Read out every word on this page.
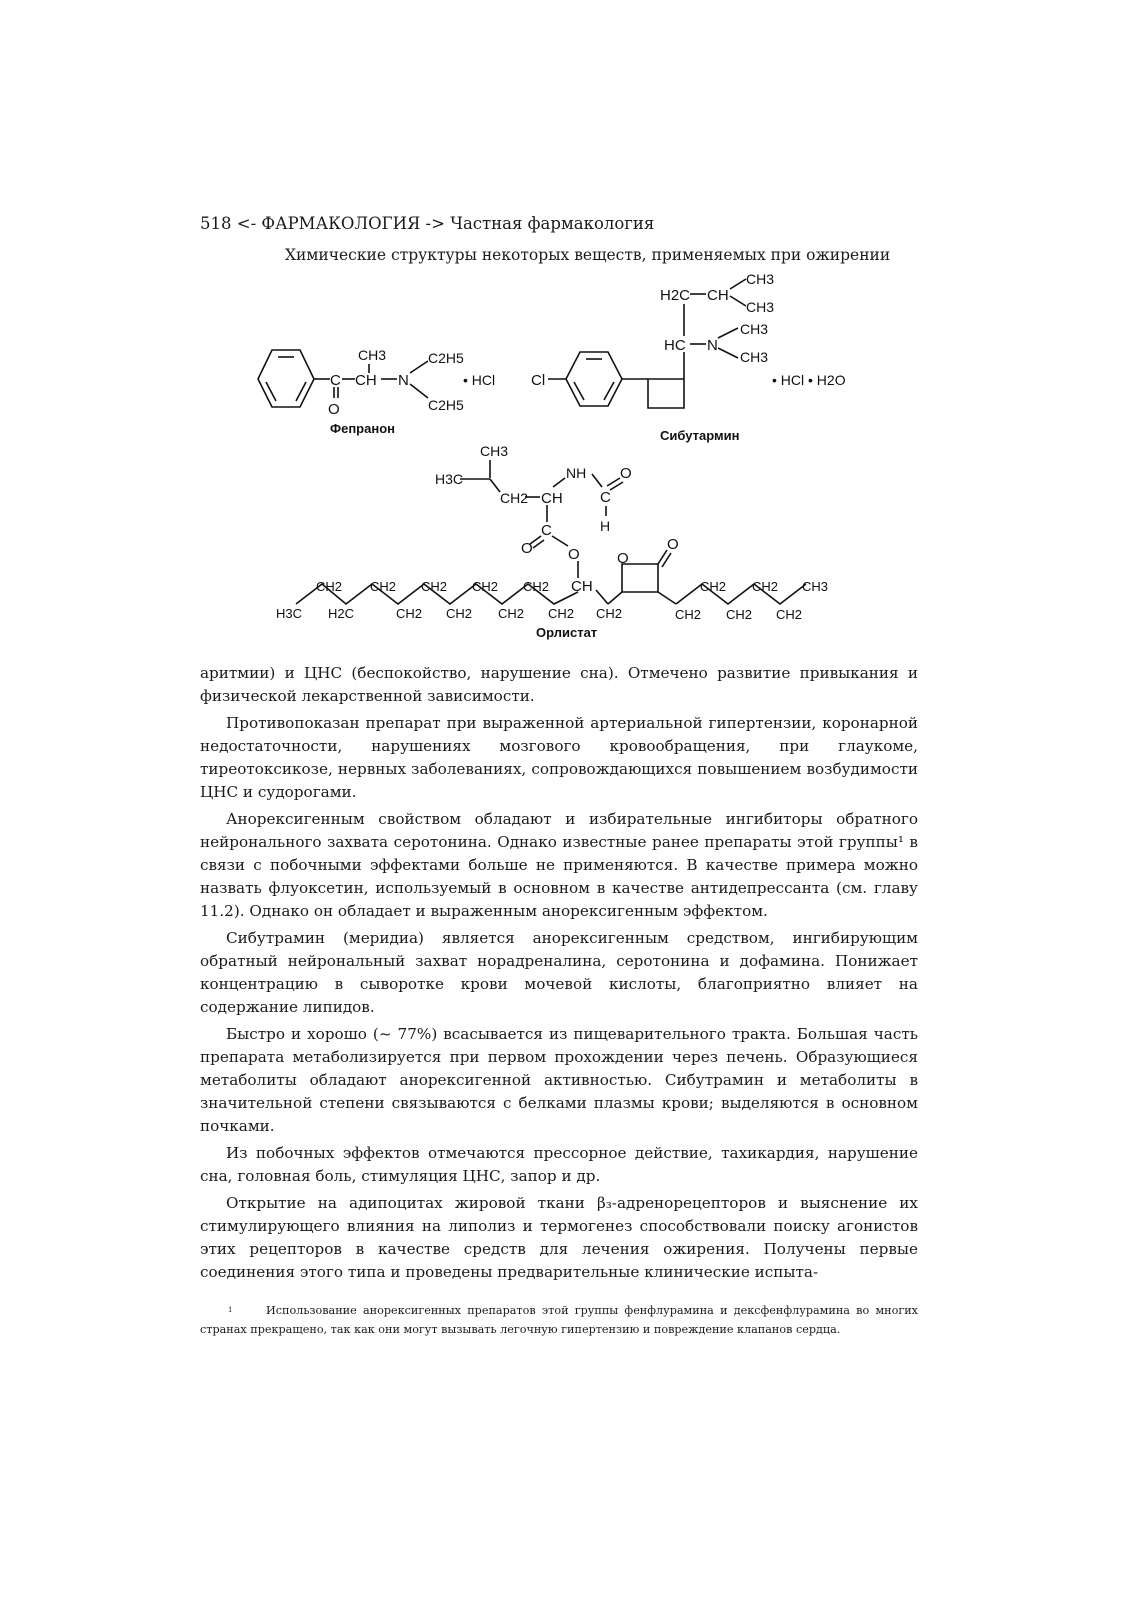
518 <- ФАРМАКОЛОГИЯ -> Частная фармакология
Химические структуры некоторых веществ, применяемых при ожирении
C
O
CH
CH3
N
C2H5
C2H5
• HCl
Фепранон
Cl
HC N
CH3
CH3
H2C CH
CH3
CH3
• HCl • H2O
Сибутармин
CH3
H3C
CH2 CH
NH
C
O
H
C
O O
CH
O
O
CH2
CH2
CH2
CH2 CH2
CH3
H3C
CH2
H2C
CH2
CH2
CH2
CH2
CH2
CH2
CH2
CH2 CH2
Орлистат

аритмии) и ЦНС (беспокойство, нарушение сна). Отмечено развитие привыкания и физической лекарственной зависимости.

Противопоказан препарат при выраженной артериальной гипертензии, коронарной недостаточности, нарушениях мозгового кровообращения, при глаукоме, тиреотоксикозе, нервных заболеваниях, сопровождающихся повышением возбудимости ЦНС и судорогами.

Анорексигенным свойством обладают и избирательные ингибиторы обратного нейронального захвата серотонина. Однако известные ранее препараты этой группы¹ в связи с побочными эффектами больше не применяются. В качестве примера можно назвать флуоксетин, используемый в основном в качестве антидепрессанта (см. главу 11.2). Однако он обладает и выраженным анорексигенным эффектом.

Сибутрамин (меридиа) является анорексигенным средством, ингибирующим обратный нейрональный захват норадреналина, серотонина и дофамина. Понижает концентрацию в сыворотке крови мочевой кислоты, благоприятно влияет на содержание липидов.

Быстро и хорошо (~ 77%) всасывается из пищеварительного тракта. Большая часть препарата метаболизируется при первом прохождении через печень. Образующиеся метаболиты обладают анорексигенной активностью. Сибутрамин и метаболиты в значительной степени связываются с белками плазмы крови; выделяются в основном почками.

Из побочных эффектов отмечаются прессорное действие, тахикардия, нарушение сна, головная боль, стимуляция ЦНС, запор и др.

Открытие на адипоцитах жировой ткани β₃-адренорецепторов и выяснение их стимулирующего влияния на липолиз и термогенез способствовали поиску агонистов этих рецепторов в качестве средств для лечения ожирения. Получены первые соединения этого типа и проведены предварительные клинические испыта-

1	Использование анорексигенных препаратов этой группы фенфлурамина и дексфенфлурамина во многих странах прекращено, так как они могут вызывать легочную гипертензию и повреждение клапанов сердца.
